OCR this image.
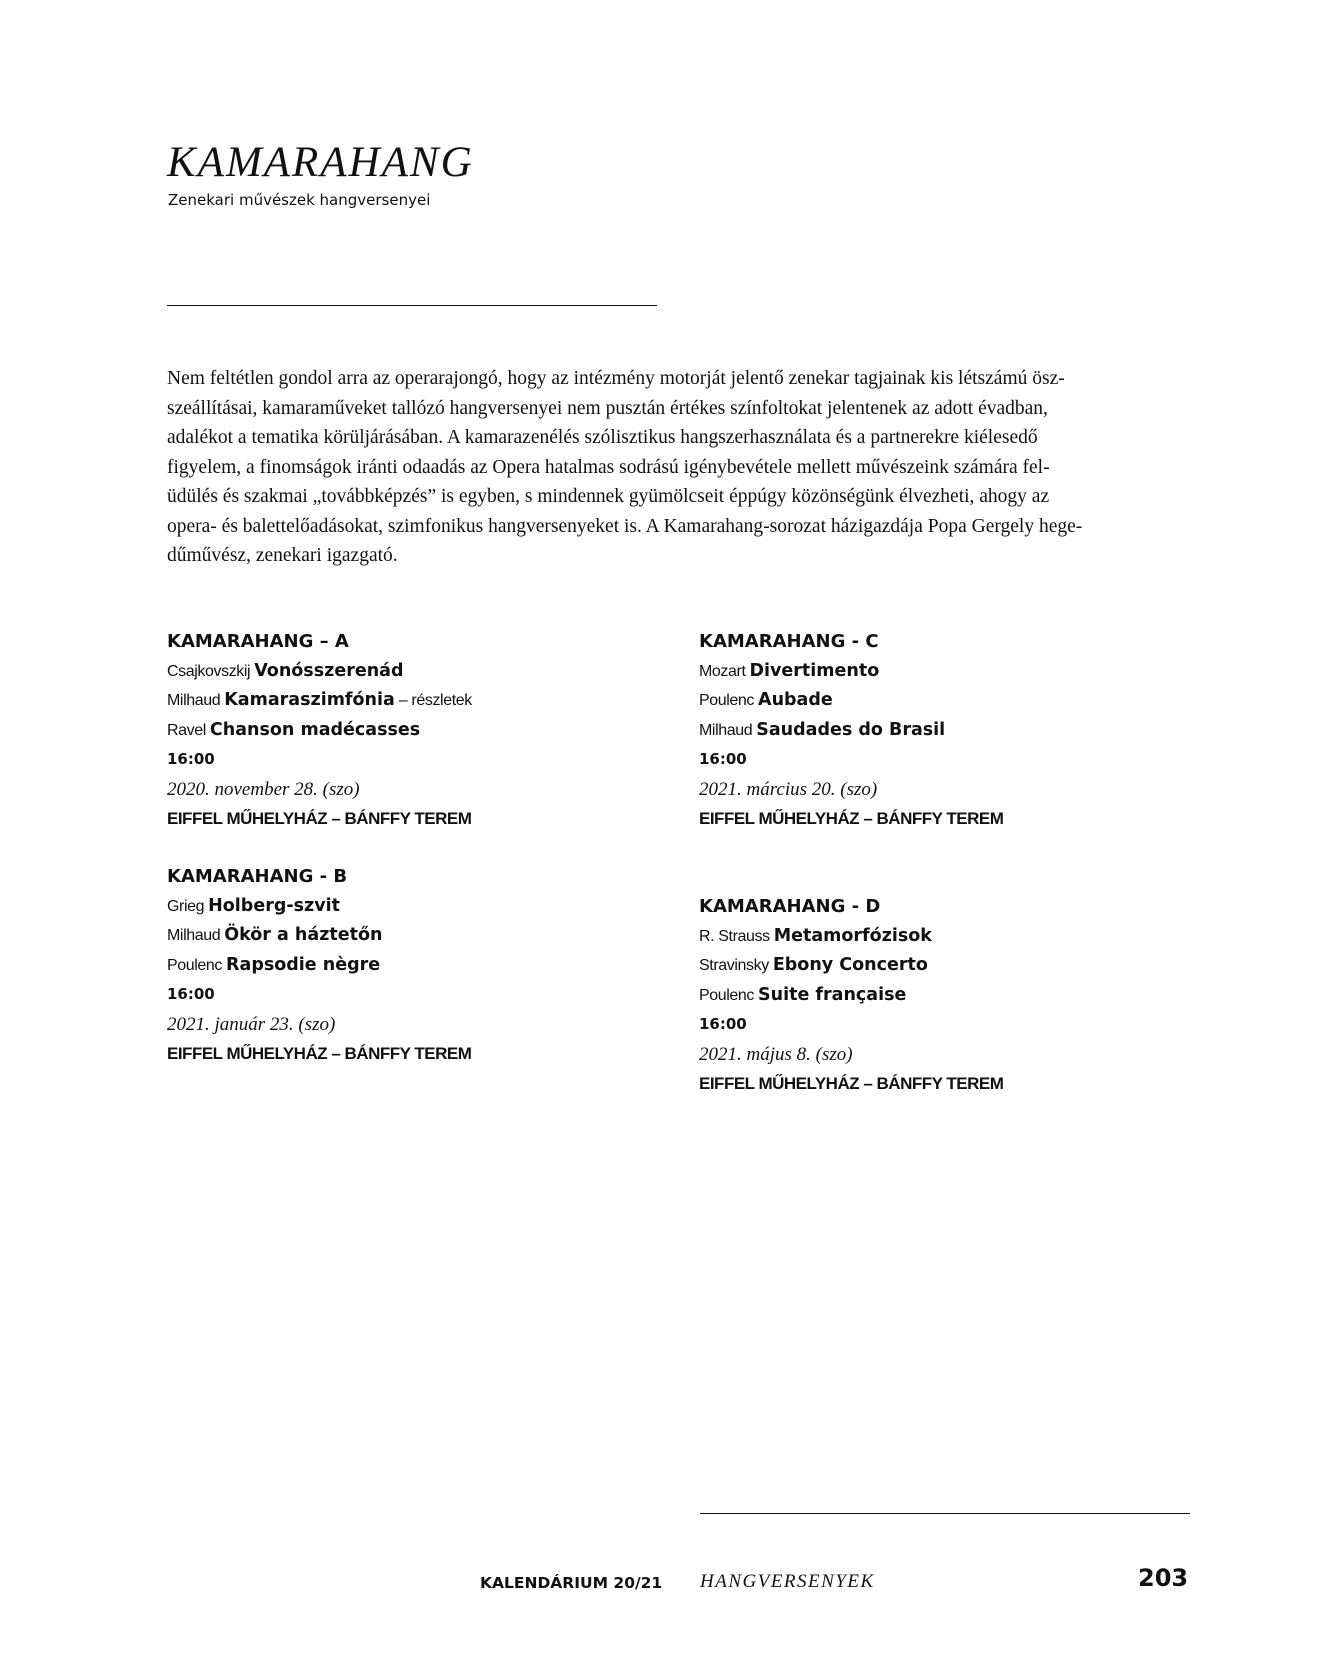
KAMARAHANG
Zenekari művészek hangversenyei
Nem feltétlen gondol arra az operarajongó, hogy az intézmény motorját jelentő zenekar tagjainak kis létszámú ösz-
szeállításai, kamaraműveket tallózó hangversenyei nem pusztán értékes színfoltokat jelentenek az adott évadban,
adalékot a tematika körüljárásában. A kamarazenélés szólisztikus hangszerhasználata és a partnerekre kiélesedő
figyelem, a finomságok iránti odaadás az Opera hatalmas sodrású igénybevétele mellett művészeink számára fel-
üdülés és szakmai „továbbképzés” is egyben, s mindennek gyümölcseit éppúgy közönségünk élvezheti, ahogy az
opera- és balettelőadásokat, szimfonikus hangversenyeket is. A Kamarahang-sorozat házigazdája Popa Gergely hege-
dűművész, zenekari igazgató.
KAMARAHANG – A
Csajkovszkij Vonósszerenád
Milhaud Kamaraszimfónia – részletek
Ravel Chanson madécasses
16:00
2020. november 28. (szo)
EIFFEL MŰHELYHÁZ – BÁNFFY TEREM
KAMARAHANG - B
Grieg Holberg-szvit
Milhaud Ökör a háztetőn
Poulenc Rapsodie nègre
16:00
2021. január 23. (szo)
EIFFEL MŰHELYHÁZ – BÁNFFY TEREM
KAMARAHANG - C
Mozart Divertimento
Poulenc Aubade
Milhaud Saudades do Brasil
16:00
2021. március 20. (szo)
EIFFEL MŰHELYHÁZ – BÁNFFY TEREM
KAMARAHANG - D
R. Strauss Metamorfózisok
Stravinsky Ebony Concerto
Poulenc Suite française
16:00
2021. május 8. (szo)
EIFFEL MŰHELYHÁZ – BÁNFFY TEREM
KALENDÁRIUM 20/21 HANGVERSENYEK	203
